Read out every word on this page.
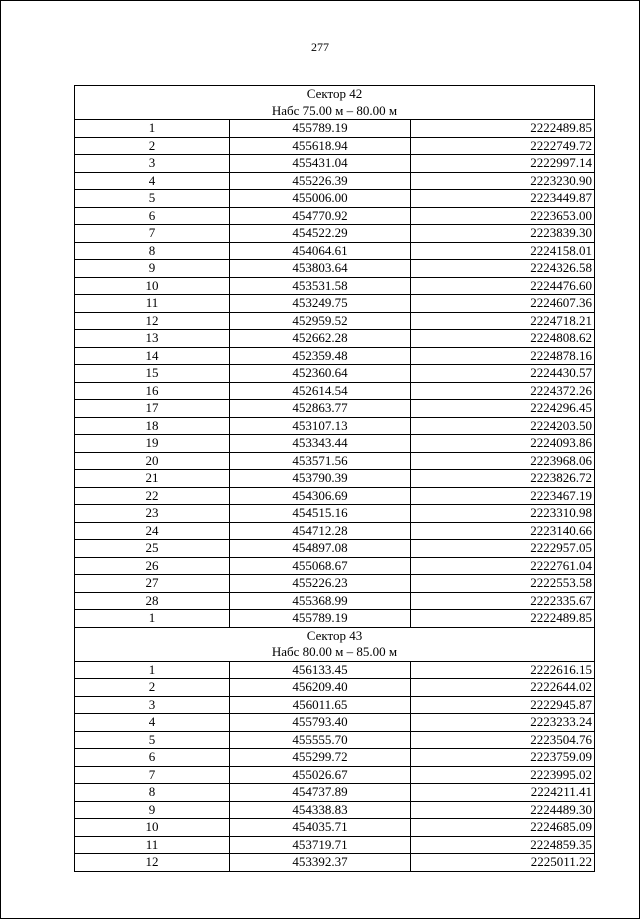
277
Сектор 42
Набс 75.00 м – 80.00 м		

1	455789.19	2222489.85
2	455618.94	2222749.72
3	455431.04	2222997.14
4	455226.39	2223230.90
5	455006.00	2223449.87
6	454770.92	2223653.00
7	454522.29	2223839.30
8	454064.61	2224158.01
9	453803.64	2224326.58
10	453531.58	2224476.60
11	453249.75	2224607.36
12	452959.52	2224718.21
13	452662.28	2224808.62
14	452359.48	2224878.16
15	452360.64	2224430.57
16	452614.54	2224372.26
17	452863.77	2224296.45
18	453107.13	2224203.50
19	453343.44	2224093.86
20	453571.56	2223968.06
21	453790.39	2223826.72
22	454306.69	2223467.19
23	454515.16	2223310.98
24	454712.28	2223140.66
25	454897.08	2222957.05
26	455068.67	2222761.04
27	455226.23	2222553.58
28	455368.99	2222335.67
1	455789.19	2222489.85

Сектор 43
Набс 80.00 м – 85.00 м		

1	456133.45	2222616.15
2	456209.40	2222644.02
3	456011.65	2222945.87
4	455793.40	2223233.24
5	455555.70	2223504.76
6	455299.72	2223759.09
7	455026.67	2223995.02
8	454737.89	2224211.41
9	454338.83	2224489.30
10	454035.71	2224685.09
11	453719.71	2224859.35
12	453392.37	2225011.22
